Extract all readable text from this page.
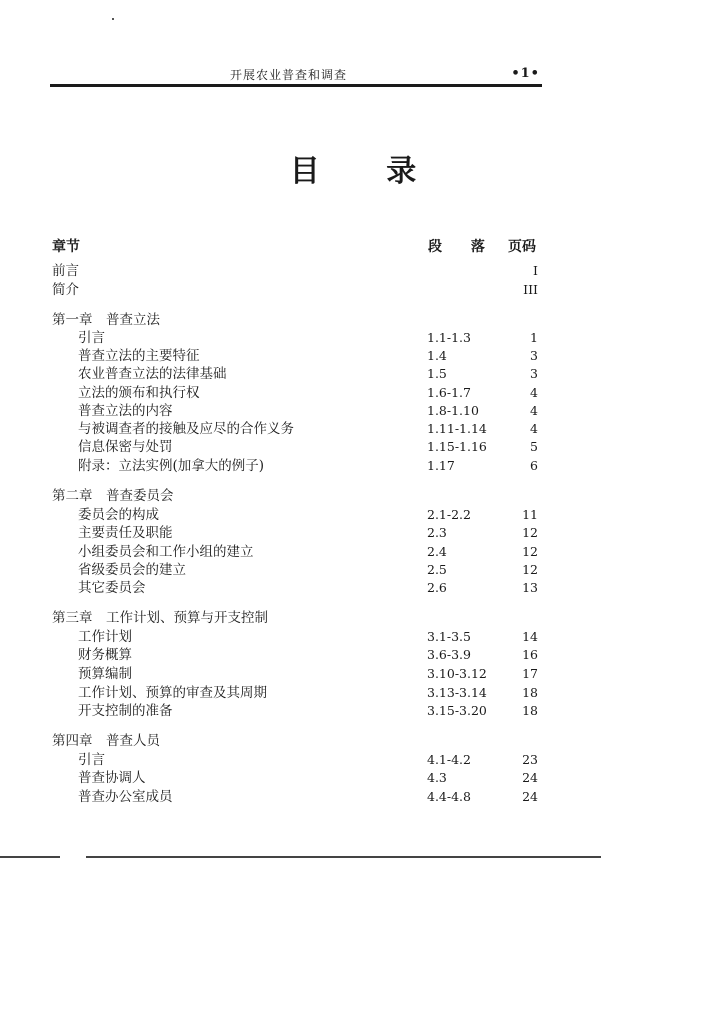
开展农业普查和调查	•1•
目 录
章节	段 落 页码
前言	I
简介	III
第一章　普查立法
引言	1.1-1.3	1
普查立法的主要特征	1.4	3
农业普查立法的法律基础	1.5	3
立法的颁布和执行权	1.6-1.7	4
普查立法的内容	1.8-1.10	4
与被调查者的接触及应尽的合作义务	1.11-1.14	4
信息保密与处罚	1.15-1.16	5
附录：立法实例(加拿大的例子)	1.17	6
第二章　普查委员会
委员会的构成	2.1-2.2	11
主要责任及职能	2.3	12
小组委员会和工作小组的建立	2.4	12
省级委员会的建立	2.5	12
其它委员会	2.6	13
第三章　工作计划、预算与开支控制
工作计划	3.1-3.5	14
财务概算	3.6-3.9	16
预算编制	3.10-3.12	17
工作计划、预算的审查及其周期	3.13-3.14	18
开支控制的准备	3.15-3.20	18
第四章　普查人员
引言	4.1-4.2	23
普查协调人	4.3	24
普查办公室成员	4.4-4.8	24
